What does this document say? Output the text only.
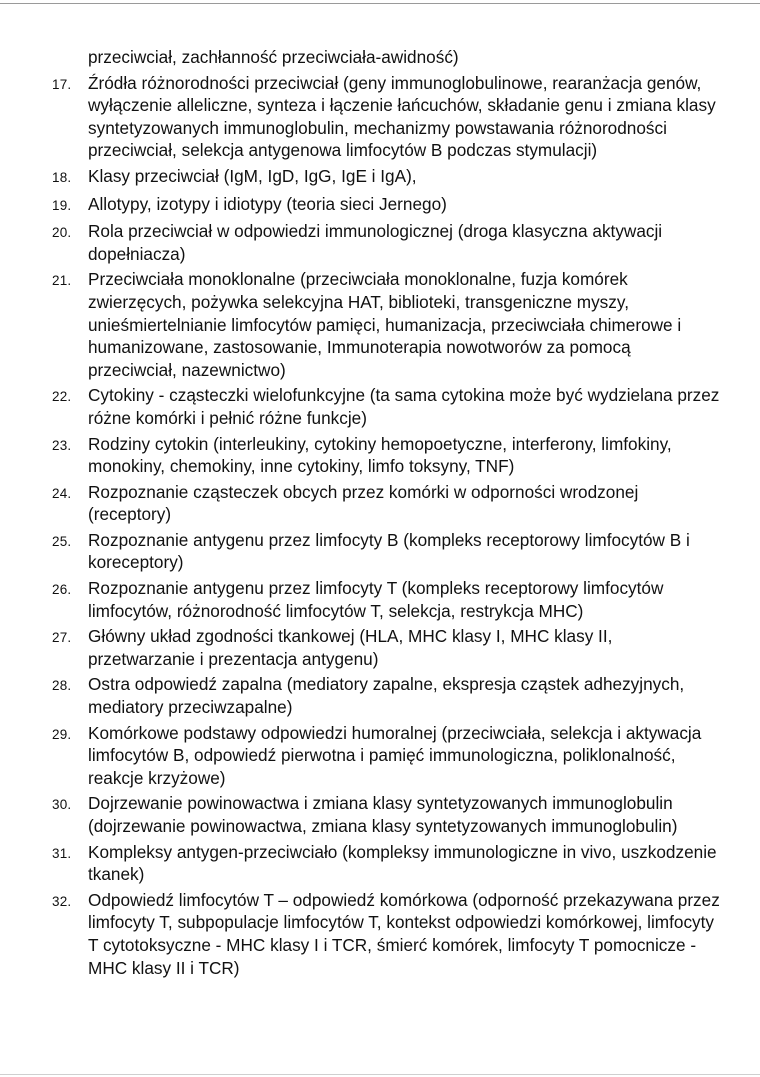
przeciwciał, zachłanność przeciwciała-awidność)
17. Źródła różnorodności przeciwciał (geny immunoglobulinowe, rearanżacja genów, wyłączenie alleliczne, synteza i łączenie łańcuchów, składanie genu i zmiana klasy syntetyzowanych immunoglobulin, mechanizmy powstawania różnorodności przeciwciał, selekcja antygenowa limfocytów B podczas stymulacji)
18. Klasy przeciwciał (IgM, IgD, IgG, IgE i IgA),
19. Allotypy, izotypy i idiotypy (teoria sieci Jernego)
20. Rola przeciwciał w odpowiedzi immunologicznej (droga klasyczna aktywacji dopełniacza)
21. Przeciwciała monoklonalne (przeciwciała monoklonalne, fuzja komórek zwierzęcych, pożywka selekcyjna HAT, biblioteki, transgeniczne myszy, unieśmiertelnianie limfocytów pamięci, humanizacja, przeciwciała chimerowe i humanizowane, zastosowanie, Immunoterapia nowotworów za pomocą przeciwciał, nazewnictwo)
22. Cytokiny - cząsteczki wielofunkcyjne (ta sama cytokina może być wydzielana przez różne komórki i pełnić różne funkcje)
23. Rodziny cytokin (interleukiny, cytokiny hemopoetyczne, interferony, limfokiny, monokiny, chemokiny, inne cytokiny, limfo toksyny, TNF)
24. Rozpoznanie cząsteczek obcych przez komórki w odporności wrodzonej (receptory)
25. Rozpoznanie antygenu przez limfocyty B (kompleks receptorowy limfocytów B i koreceptory)
26. Rozpoznanie antygenu przez limfocyty T (kompleks receptorowy limfocytów limfocytów, różnorodność limfocytów T, selekcja, restrykcja MHC)
27. Główny układ zgodności tkankowej (HLA, MHC klasy I, MHC klasy II, przetwarzanie i prezentacja antygenu)
28. Ostra odpowiedź zapalna (mediatory zapalne, ekspresja cząstek adhezyjnych, mediatory przeciwzapalne)
29. Komórkowe podstawy odpowiedzi humoralnej (przeciwciała, selekcja i aktywacja limfocytów B, odpowiedź pierwotna i pamięć immunologiczna, poliklonalność, reakcje krzyżowe)
30. Dojrzewanie powinowactwa i zmiana klasy syntetyzowanych immunoglobulin (dojrzewanie powinowactwa, zmiana klasy syntetyzowanych immunoglobulin)
31. Kompleksy antygen-przeciwciało (kompleksy immunologiczne in vivo, uszkodzenie tkanek)
32. Odpowiedź limfocytów T – odpowiedź komórkowa (odporność przekazywana przez limfocyty T, subpopulacje limfocytów T, kontekst odpowiedzi komórkowej, limfocyty T cytotoksyczne - MHC klasy I i TCR, śmierć komórek, limfocyty T pomocnicze - MHC klasy II i TCR)
